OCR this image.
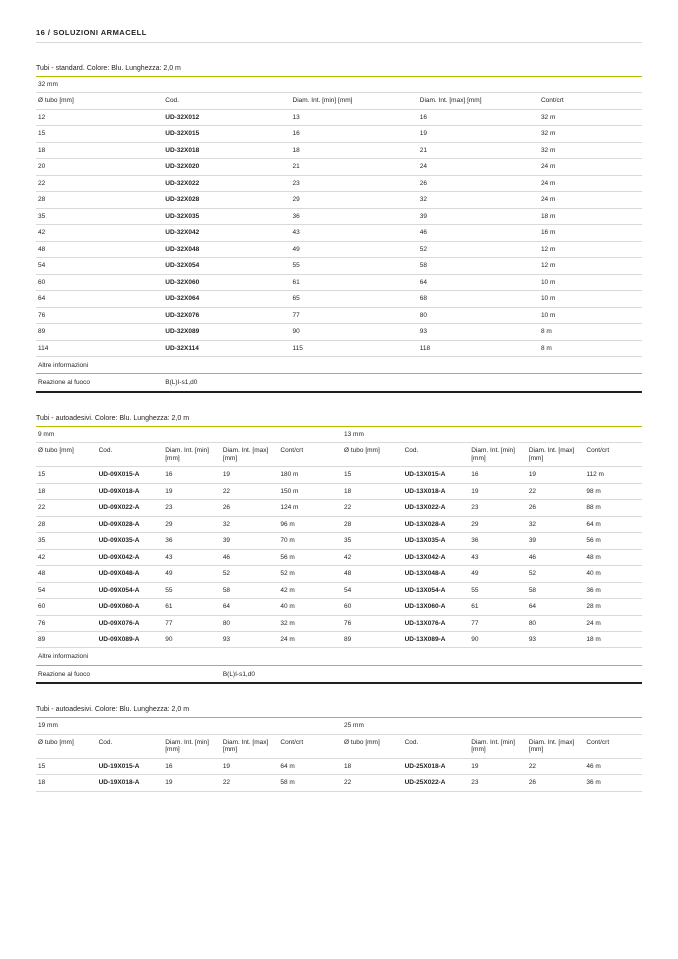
16 / SOLUZIONI ARMACELL
Tubi - standard. Colore: Blu. Lunghezza: 2,0 m
32 mm				
Ø tubo [mm]	Cod.	Diam. Int. [min] [mm]	Diam. Int. [max] [mm]	Cont/crt
12	UD-32X012	13	16	32 m
15	UD-32X015	16	19	32 m
18	UD-32X018	18	21	32 m
20	UD-32X020	21	24	24 m
22	UD-32X022	23	26	24 m
28	UD-32X028	29	32	24 m
35	UD-32X035	36	39	18 m
42	UD-32X042	43	46	16 m
48	UD-32X048	49	52	12 m
54	UD-32X054	55	58	12 m
60	UD-32X060	61	64	10 m
64	UD-32X064	65	68	10 m
76	UD-32X076	77	80	10 m
89	UD-32X089	90	93	8 m
114	UD-32X114	115	118	8 m
Altre informazioni				
Reazione al fuoco	B(L)I-s1,d0			
Tubi - autoadesivi. Colore: Blu. Lunghezza: 2,0 m
9 mm					13 mm				
Ø tubo [mm]	Cod.	Diam. Int. [min] [mm]	Diam. Int. [max] [mm]	Cont/crt	Ø tubo [mm]	Cod.	Diam. Int. [min] [mm]	Diam. Int. [max] [mm]	Cont/crt
15	UD-09X015-A	16	19	180 m	15	UD-13X015-A	16	19	112 m
18	UD-09X018-A	19	22	150 m	18	UD-13X018-A	19	22	98 m
22	UD-09X022-A	23	26	124 m	22	UD-13X022-A	23	26	88 m
28	UD-09X028-A	29	32	96 m	28	UD-13X028-A	29	32	64 m
35	UD-09X035-A	36	39	70 m	35	UD-13X035-A	36	39	56 m
42	UD-09X042-A	43	46	56 m	42	UD-13X042-A	43	46	48 m
48	UD-09X048-A	49	52	52 m	48	UD-13X048-A	49	52	40 m
54	UD-09X054-A	55	58	42 m	54	UD-13X054-A	55	58	36 m
60	UD-09X060-A	61	64	40 m	60	UD-13X060-A	61	64	28 m
76	UD-09X076-A	77	80	32 m	76	UD-13X076-A	77	80	24 m
89	UD-09X089-A	90	93	24 m	89	UD-13X089-A	90	93	18 m
Altre informazioni									
Reazione al fuoco			B(L)I-s1,d0						
Tubi - autoadesivi. Colore: Blu. Lunghezza: 2,0 m
19 mm					25 mm				
Ø tubo [mm]	Cod.	Diam. Int. [min] [mm]	Diam. Int. [max] [mm]	Cont/crt	Ø tubo [mm]	Cod.	Diam. Int. [min] [mm]	Diam. Int. [max] [mm]	Cont/crt
15	UD-19X015-A	16	19	64 m	18	UD-25X018-A	19	22	46 m
18	UD-19X018-A	19	22	58 m	22	UD-25X022-A	23	26	36 m
